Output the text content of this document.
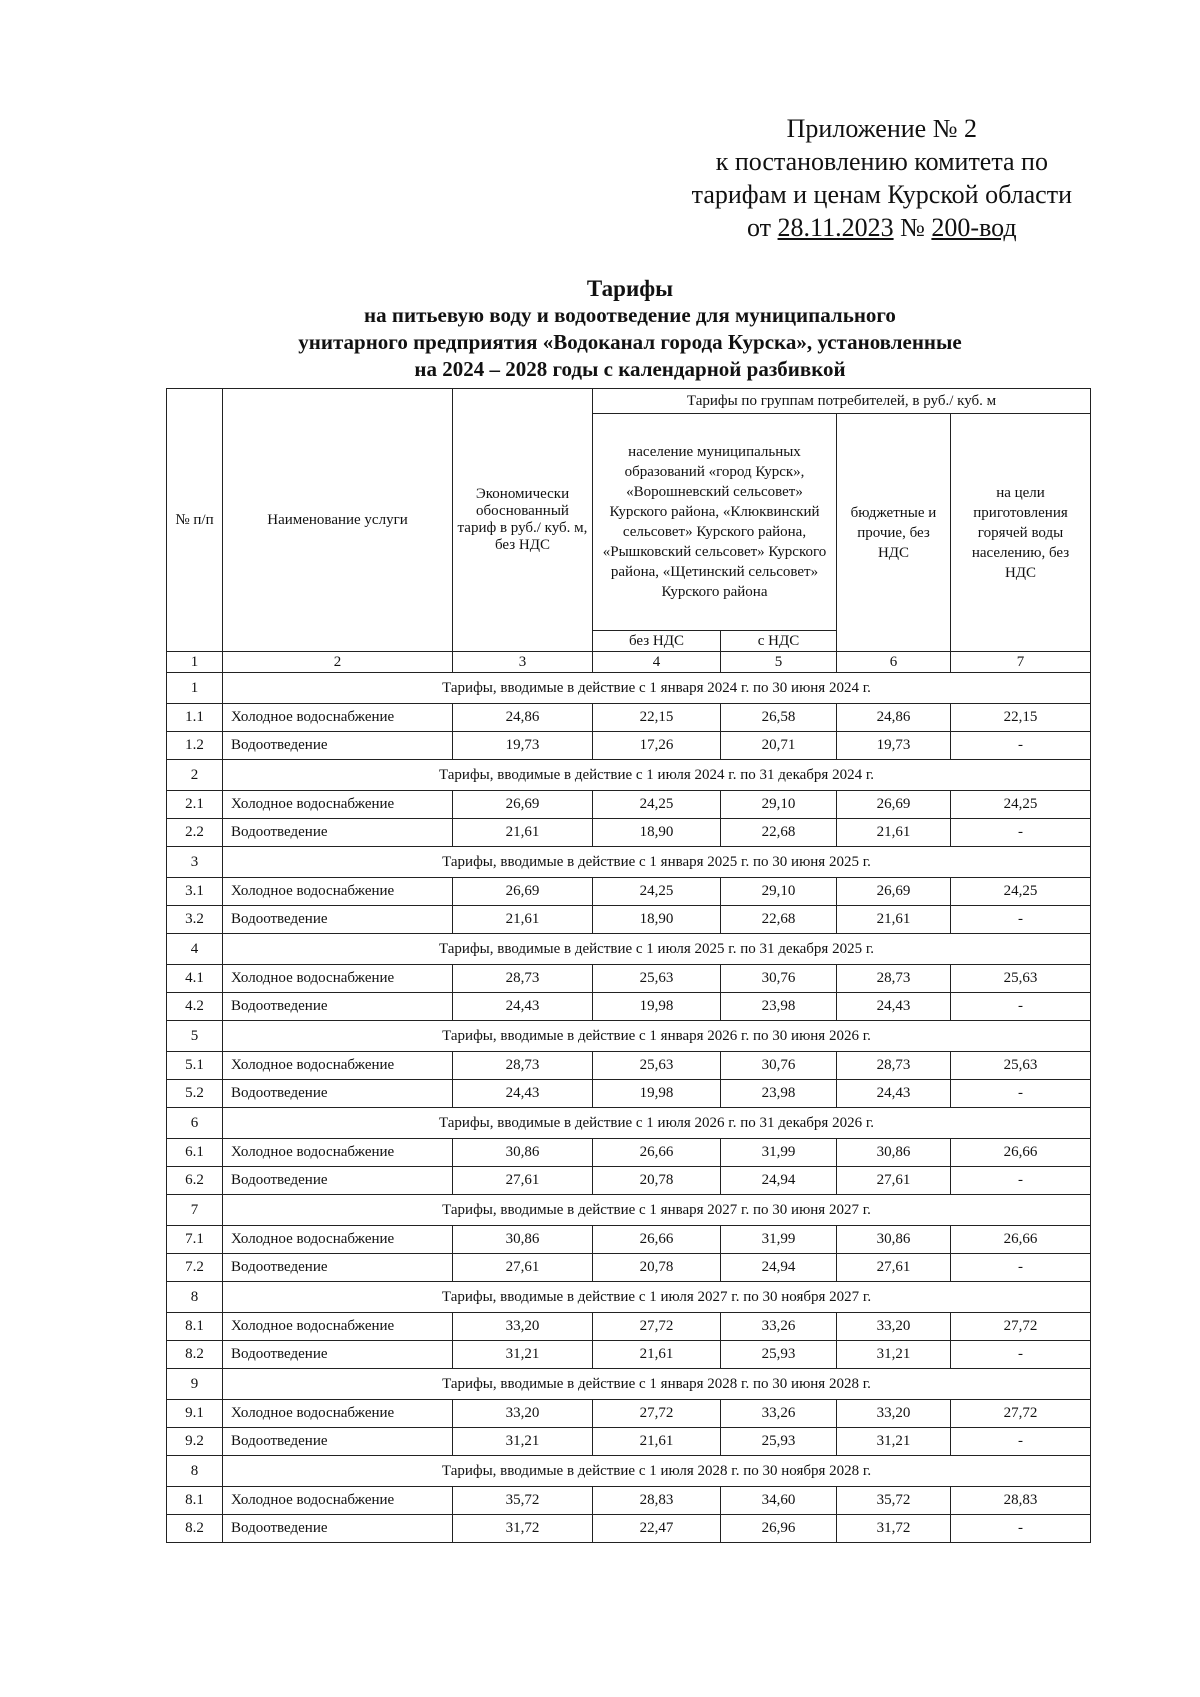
Приложение № 2
к постановлению комитета по
тарифам и ценам Курской области
от 28.11.2023 № 200-вод
Тарифы
на питьевую воду и водоотведение для муниципального
унитарного предприятия «Водоканал города Курска», установленные
на 2024 – 2028 годы с календарной разбивкой
№ п/п	Наименование услуги	Экономически обоснованный тариф в руб./ куб. м, без НДС	Тарифы по группам потребителей, в руб./ куб. м			
			население муниципальных образований «город Курск», «Ворошневский сельсовет» Курского района, «Клюквинский сельсовет» Курского района, «Рышковский сельсовет» Курского района, «Щетинский сельсовет» Курского района		бюджетные и прочие, без НДС	на цели приготовления горячей воды населению, без НДС
			без НДС	с НДС		
1	2	3	4	5	6	7
1	Тарифы, вводимые в действие с 1 января 2024 г. по 30 июня 2024 г.					
1.1	Холодное водоснабжение	24,86	22,15	26,58	24,86	22,15
1.2	Водоотведение	19,73	17,26	20,71	19,73	-
2	Тарифы, вводимые в действие с 1 июля 2024 г. по 31 декабря 2024 г.					
2.1	Холодное водоснабжение	26,69	24,25	29,10	26,69	24,25
2.2	Водоотведение	21,61	18,90	22,68	21,61	-
3	Тарифы, вводимые в действие с 1 января 2025 г. по 30 июня 2025 г.					
3.1	Холодное водоснабжение	26,69	24,25	29,10	26,69	24,25
3.2	Водоотведение	21,61	18,90	22,68	21,61	-
4	Тарифы, вводимые в действие с 1 июля 2025 г. по 31 декабря 2025 г.					
4.1	Холодное водоснабжение	28,73	25,63	30,76	28,73	25,63
4.2	Водоотведение	24,43	19,98	23,98	24,43	-
5	Тарифы, вводимые в действие с 1 января 2026 г. по 30 июня 2026 г.					
5.1	Холодное водоснабжение	28,73	25,63	30,76	28,73	25,63
5.2	Водоотведение	24,43	19,98	23,98	24,43	-
6	Тарифы, вводимые в действие с 1 июля 2026 г. по 31 декабря 2026 г.					
6.1	Холодное водоснабжение	30,86	26,66	31,99	30,86	26,66
6.2	Водоотведение	27,61	20,78	24,94	27,61	-
7	Тарифы, вводимые в действие с 1 января 2027 г. по 30 июня 2027 г.					
7.1	Холодное водоснабжение	30,86	26,66	31,99	30,86	26,66
7.2	Водоотведение	27,61	20,78	24,94	27,61	-
8	Тарифы, вводимые в действие с 1 июля 2027 г. по 30 ноября 2027 г.					
8.1	Холодное водоснабжение	33,20	27,72	33,26	33,20	27,72
8.2	Водоотведение	31,21	21,61	25,93	31,21	-
9	Тарифы, вводимые в действие с 1 января 2028 г. по 30 июня 2028 г.					
9.1	Холодное водоснабжение	33,20	27,72	33,26	33,20	27,72
9.2	Водоотведение	31,21	21,61	25,93	31,21	-
8	Тарифы, вводимые в действие с 1 июля 2028 г. по 30 ноября 2028 г.					
8.1	Холодное водоснабжение	35,72	28,83	34,60	35,72	28,83
8.2	Водоотведение	31,72	22,47	26,96	31,72	-
